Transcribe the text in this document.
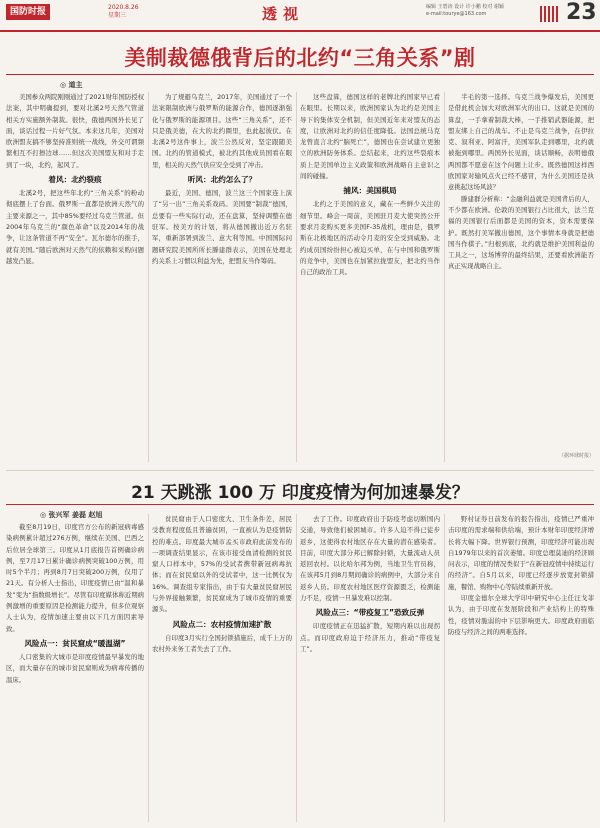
国防时报	2020.8.26
星期三	透视	编辑 王碧涛 设计 许小鹏 校对 谢颖
e-mail:tourye@163.com	23
美制裁德俄背后的北约“三角关系”剧
◎ 道主

美国参众两院刚刚通过了2021财年国防授权法案，其中明确提到，要对北溪2号天然气管道相关方实施额外制裁。很快，俄德两国外长见了面，谈话过程一片好气氛。本来这几年，美国对欧洲盟友搞不够坚持准则统一战线，外交可谓频繁相互不打擦边球……但这次美国盟友和对手走到了一块，北约，起风了。

着风：北约裂痕

北溪2号，把这些年北约“三角关系”的粉动彻底摆上了台面。俄罗斯一直都是欧洲天然气的主要来源之一，其中85%要经过乌克兰管道。但2004年乌克兰的“颜色革命”以及2014年的战争，让这条管道不再“安全”。瓦尔德尔的推手，就有美国。”随后欧洲对天然气的依赖和采购问题越发凸显。

为了规避乌克兰，2017年，美国通过了一个法案限制欧洲与俄罗斯的能源合作，德国逐渐强化与俄罗斯的能源项目。这些“三角关系”，还不只是俄美德，在大的北约圈里，也此起彼伏。在北溪2号这件事上，波兰公然反对，坚定跟随美国。北约的管道模式，被北约其他成员国看在眼里，相关的天然气供应安全受到了冲击。

听风：北约怎么了？

最近，美国、德国，波兰这三个国家连上演了“另一出”三角关系戏码。美国要“制裁”德国，总要有一些实际行动，还在盘算，坚持调整在德驻军。按美方的计划，将从德国撤出近万名驻军，重新部署到波兰、意大利等国。中国国际问题研究院美国所所长滕建群表示，美国在处理北约关系上习惯以利益为先，把盟友当作筹码。

这些盘算，德国这样的老牌北约国家早已看在眼里。长期以来，欧洲国家认为北约是美国主导下的集体安全机制，但美国近年来对盟友的态度，让欧洲对北约的信任度降低。法国总统马克龙曾直言北约“脑死亡”，德国也在尝试建立更独立的欧洲防务体系。总结起来，北约这些裂痕本质上是美国单边主义政策和欧洲战略自主意识之间的碰撞。

捕风：美国棋局

北约之于美国的意义，藏在一些鲜少关注的细节里。峰会一周前，美国驻月麦大使突然公开要求月麦购买更多美国F-35战机，理由是，俄罗斯在北极地区的活动令月麦的安全受到威胁。北约成员国纷纷担心被迫买单，在与中国和俄罗斯的竞争中，美国也在加紧拉拢盟友，把北约当作自己的政治工具。

半毛的第一选择。乌克兰战争爆发后，美国更是借此机会加大对欧洲军火的出口。这就是美国的算盘，一手拿着制裁大棒，一手推销武器能源，把盟友绑上自己的战车。不止是乌克兰战争，在伊拉克、叙利亚、阿富汗，美国军队走到哪里，北约就被拖到哪里。两国外长见面，谈话顺畅，表明德俄两国都不愿意在这个问题上让步。既然德国这样西欧国家对输风点火已经不感冒，为什么美国还是执意挑起这场风波？

滕建群分析称：“金融利益就是美国背后的人，不少都在欧洲。伦敦的美国银行占比很大，法兰克福的美国银行后面都是美国的资本，资本需要保护。既然打美军撤出德国，这个事情本身就是把德国当作棋子。”归根到底，北约就是维护美国利益的工具之一，这场博弈的最终结果，还要看欧洲能否真正实现战略自主。

（据环球时报）
21 天跳涨 100 万 印度疫情为何加速暴发？
◎ 张兴军 姜磊 赵旭

截至8月19日，印度官方公布的新冠病毒感染病例累计超过276万例，继续在美国、巴西之后位居全球第三。印度从1月底报告首例确诊病例，至7月17日累计确诊病例突破100万例，用时5个半月；再到8月7日突破200万例，仅用了21天。有分析人士指出，印度疫情已由“温和暴发”变为“指数级增长”。尽管有印度媒体称近期病例激增的重要原因是检测能力提升，但多位观察人士认为，疫情加速主要由以下几方面因素导致。

风险点一：贫民窟成“暖温湖”

人口密集的大城市是印度疫情最早暴发的地区，而大量存在的城市贫民窟则成为病毒传播的温床。

贫民窟由于人口密度大、卫生条件差，居民受教育程度低且普遍贫困，一直被认为是疫情防控的难点。印度最大城市孟买市政府此前发布的一项调查结果显示，在该市接受血清检测的贫民窟人口样本中，57%的受试者携带新冠病毒抗体；而在贫民窟以外的受试者中，这一比例仅为16%。调查组专家指出，由于有大量贫民窟居民与外界接触频繁，贫民窟成为了城市疫情的重要源头。

风险点二：农村疫情加速扩散

自印度3月实行全国封锁措施后，成千上万的农村外来务工者失去了工作。

去了工作。印度政府出于防疫考虑切断国内交通，导致他们被困城市。许多人迫不得已徒步返乡，这使得农村地区存在大量的潜在感染者。目前，印度大部分邦已解除封锁，大量流动人员返回农村。以比哈尔邦为例，当地卫生官员称，在该邦5月到8月期间确诊的病例中，大部分来自返乡人员。印度农村地区医疗资源匮乏，检测能力不足，疫情一旦暴发难以控制。

风险点三：“带疫复工”恐致反弹

印度疫情正在迅猛扩散，短期内难以出现拐点。而印度政府迫于经济压力，推动“带疫复工”。

野村证券日前发布的报告指出，疫情已严重冲击印度的需求端和供给端，预计本财年印度经济增长将大幅下降。世界银行预测，印度经济可能出现自1979年以来的首次萎缩。印度总理莫迪的经济顾问表示，印度的情况类似于“在新冠疫情中持续运行的经济”。自5月以来，印度已经逐步放宽封锁措施，餐馆、购物中心等陆续重新开放。

印度金德尔全球大学印中研究中心主任汪戈菲认为，由于印度在发展阶段和产业结构上的特殊性，疫情对脆弱的中下层影响更大。印度政府面临防疫与经济之间的两难选择。
